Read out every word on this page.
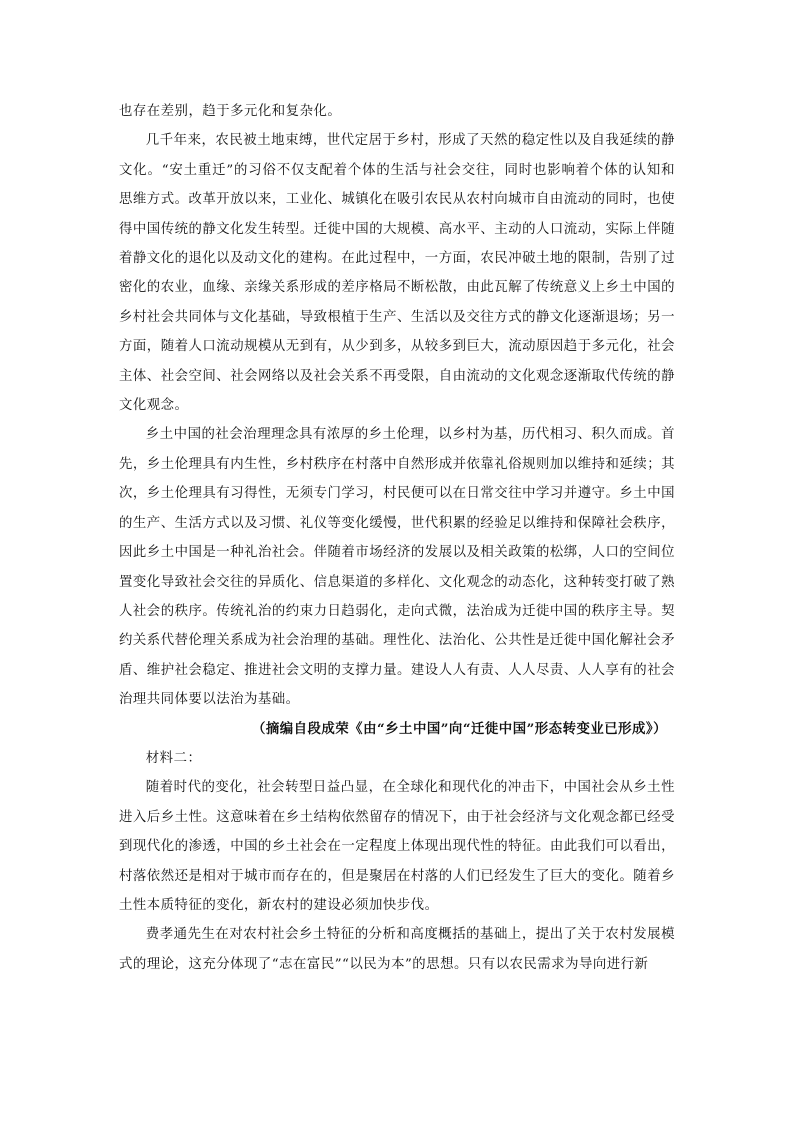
也存在差别，趋于多元化和复杂化。

几千年来，农民被土地束缚，世代定居于乡村，形成了天然的稳定性以及自我延续的静文化。“安土重迁”的习俗不仅支配着个体的生活与社会交往，同时也影响着个体的认知和思维方式。改革开放以来，工业化、城镇化在吸引农民从农村向城市自由流动的同时，也使得中国传统的静文化发生转型。迁徙中国的大规模、高水平、主动的人口流动，实际上伴随着静文化的退化以及动文化的建构。在此过程中，一方面，农民冲破土地的限制，告别了过密化的农业，血缘、亲缘关系形成的差序格局不断松散，由此瓦解了传统意义上乡土中国的乡村社会共同体与文化基础，导致根植于生产、生活以及交往方式的静文化逐渐退场；另一方面，随着人口流动规模从无到有，从少到多，从较多到巨大，流动原因趋于多元化，社会主体、社会空间、社会网络以及社会关系不再受限，自由流动的文化观念逐渐取代传统的静文化观念。

乡土中国的社会治理理念具有浓厚的乡土伦理，以乡村为基，历代相习、积久而成。首先，乡土伦理具有内生性，乡村秩序在村落中自然形成并依靠礼俗规则加以维持和延续；其次，乡土伦理具有习得性，无须专门学习，村民便可以在日常交往中学习并遵守。乡土中国的生产、生活方式以及习惯、礼仪等变化缓慢，世代积累的经验足以维持和保障社会秩序，因此乡土中国是一种礼治社会。伴随着市场经济的发展以及相关政策的松绑，人口的空间位置变化导致社会交往的异质化、信息渠道的多样化、文化观念的动态化，这种转变打破了熟人社会的秩序。传统礼治的约束力日趋弱化，走向式微，法治成为迁徙中国的秩序主导。契约关系代替伦理关系成为社会治理的基础。理性化、法治化、公共性是迁徙中国化解社会矛盾、维护社会稳定、推进社会文明的支撑力量。建设人人有责、人人尽责、人人享有的社会治理共同体要以法治为基础。

（摘编自段成荣《由“乡土中国”向“迁徙中国”形态转变业已形成》）

材料二：

随着时代的变化，社会转型日益凸显，在全球化和现代化的冲击下，中国社会从乡土性进入后乡土性。这意味着在乡土结构依然留存的情况下，由于社会经济与文化观念都已经受到现代化的渗透，中国的乡土社会在一定程度上体现出现代性的特征。由此我们可以看出，村落依然还是相对于城市而存在的，但是聚居在村落的人们已经发生了巨大的变化。随着乡土性本质特征的变化，新农村的建设必须加快步伐。

费孝通先生在对农村社会乡土特征的分析和高度概括的基础上，提出了关于农村发展模式的理论，这充分体现了“志在富民”“以民为本”的思想。只有以农民需求为导向进行新
